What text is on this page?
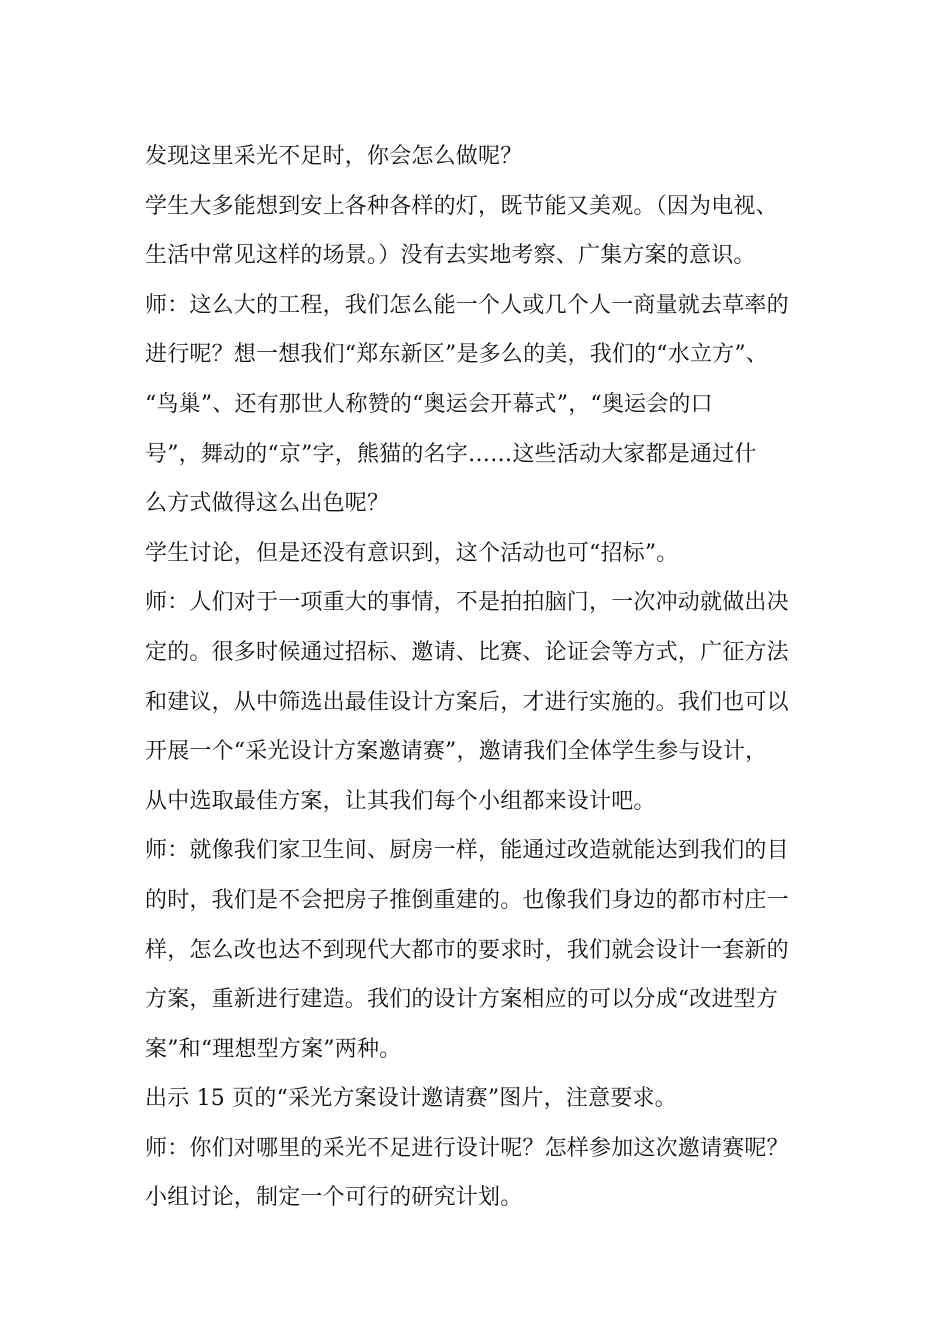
发现这里采光不足时，你会怎么做呢？
学生大多能想到安上各种各样的灯，既节能又美观。（因为电视、
生活中常见这样的场景。）没有去实地考察、广集方案的意识。
师：这么大的工程，我们怎么能一个人或几个人一商量就去草率的
进行呢？想一想我们“郑东新区”是多么的美，我们的“水立方”、
“鸟巢”、还有那世人称赞的“奥运会开幕式”，“奥运会的口
号”，舞动的“京”字，熊猫的名字……这些活动大家都是通过什
么方式做得这么出色呢？
学生讨论，但是还没有意识到，这个活动也可“招标”。
师：人们对于一项重大的事情，不是拍拍脑门，一次冲动就做出决
定的。很多时候通过招标、邀请、比赛、论证会等方式，广征方法
和建议，从中筛选出最佳设计方案后，才进行实施的。我们也可以
开展一个“采光设计方案邀请赛”，邀请我们全体学生参与设计，
从中选取最佳方案，让其我们每个小组都来设计吧。
师：就像我们家卫生间、厨房一样，能通过改造就能达到我们的目
的时，我们是不会把房子推倒重建的。也像我们身边的都市村庄一
样，怎么改也达不到现代大都市的要求时，我们就会设计一套新的
方案，重新进行建造。我们的设计方案相应的可以分成“改进型方
案”和“理想型方案”两种。
出示 15 页的“采光方案设计邀请赛”图片，注意要求。
师：你们对哪里的采光不足进行设计呢？怎样参加这次邀请赛呢？
小组讨论，制定一个可行的研究计划。
